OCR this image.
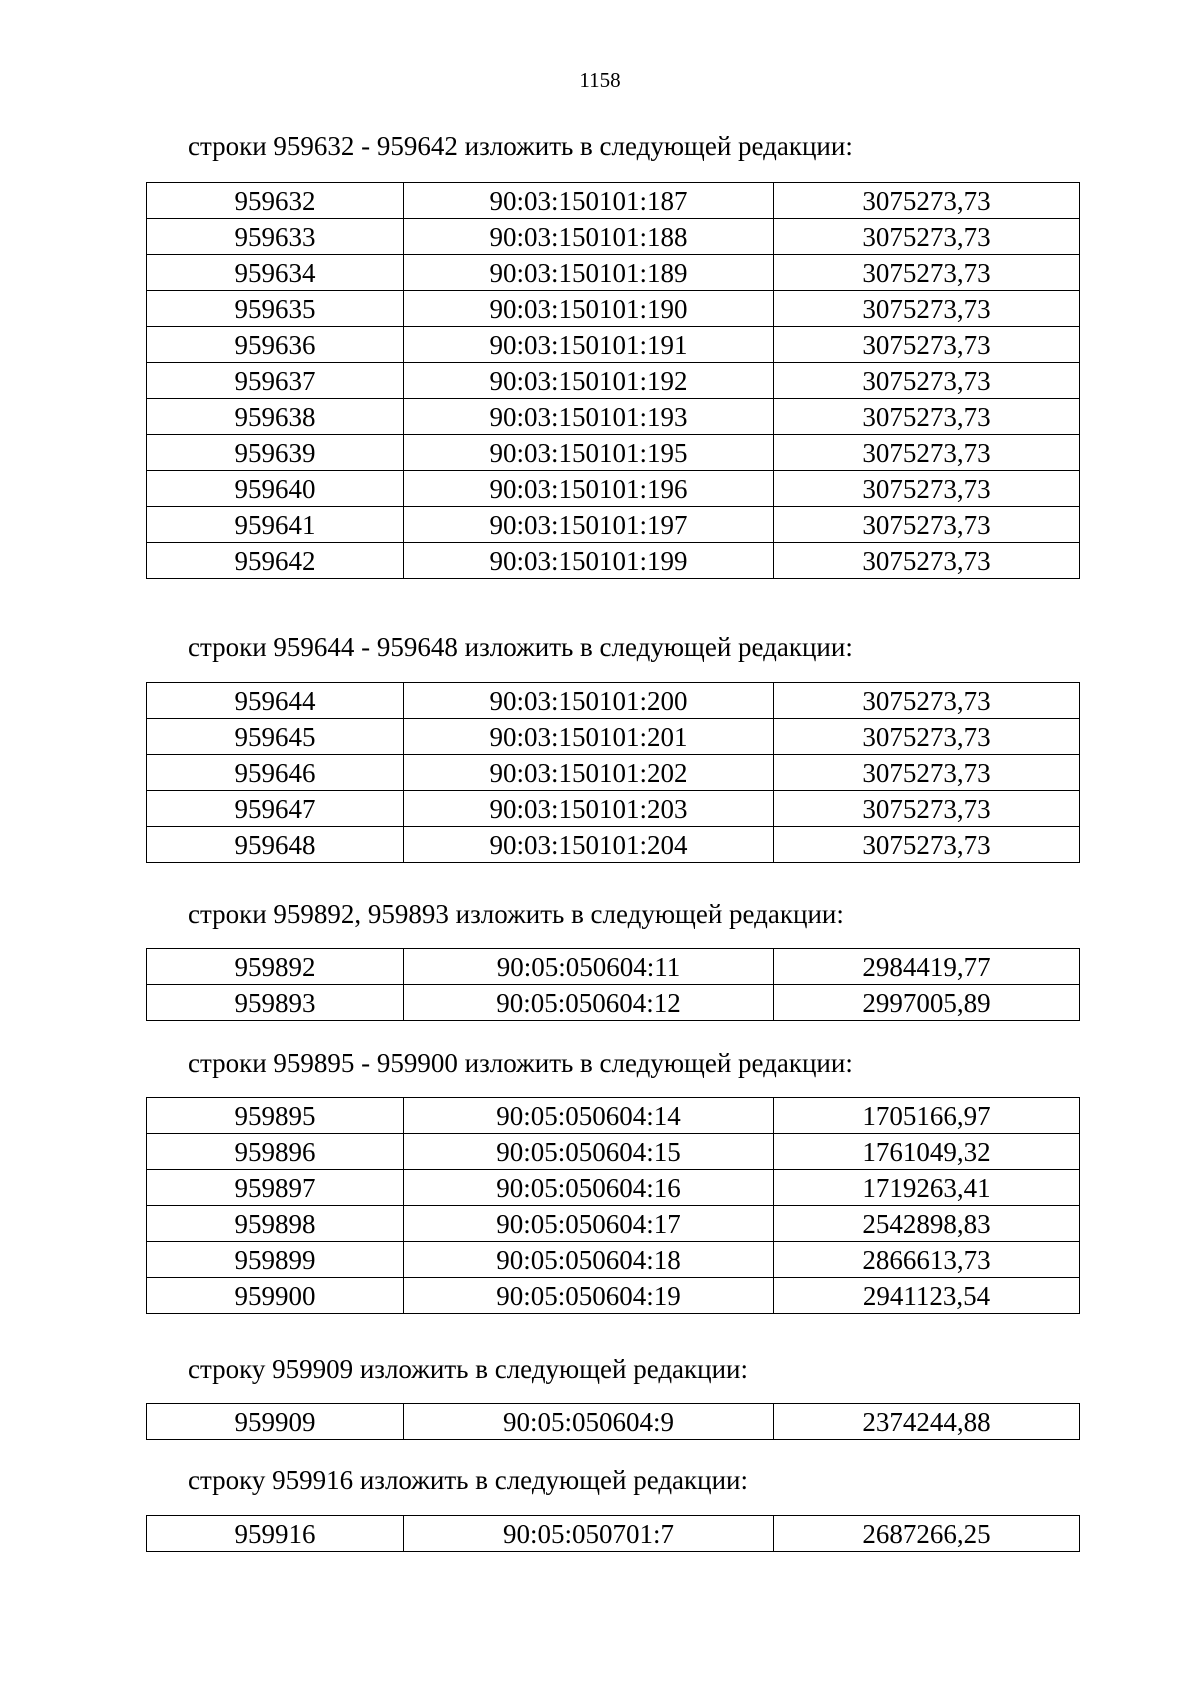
1158
строки 959632 - 959642 изложить в следующей редакции:
959632	90:03:150101:187	3075273,73
959633	90:03:150101:188	3075273,73
959634	90:03:150101:189	3075273,73
959635	90:03:150101:190	3075273,73
959636	90:03:150101:191	3075273,73
959637	90:03:150101:192	3075273,73
959638	90:03:150101:193	3075273,73
959639	90:03:150101:195	3075273,73
959640	90:03:150101:196	3075273,73
959641	90:03:150101:197	3075273,73
959642	90:03:150101:199	3075273,73
строки 959644 - 959648 изложить в следующей редакции:
959644	90:03:150101:200	3075273,73
959645	90:03:150101:201	3075273,73
959646	90:03:150101:202	3075273,73
959647	90:03:150101:203	3075273,73
959648	90:03:150101:204	3075273,73
строки 959892, 959893 изложить в следующей редакции:
959892	90:05:050604:11	2984419,77
959893	90:05:050604:12	2997005,89
строки 959895 - 959900 изложить в следующей редакции:
959895	90:05:050604:14	1705166,97
959896	90:05:050604:15	1761049,32
959897	90:05:050604:16	1719263,41
959898	90:05:050604:17	2542898,83
959899	90:05:050604:18	2866613,73
959900	90:05:050604:19	2941123,54
строку 959909 изложить в следующей редакции:
959909	90:05:050604:9	2374244,88
строку 959916 изложить в следующей редакции:
959916	90:05:050701:7	2687266,25
